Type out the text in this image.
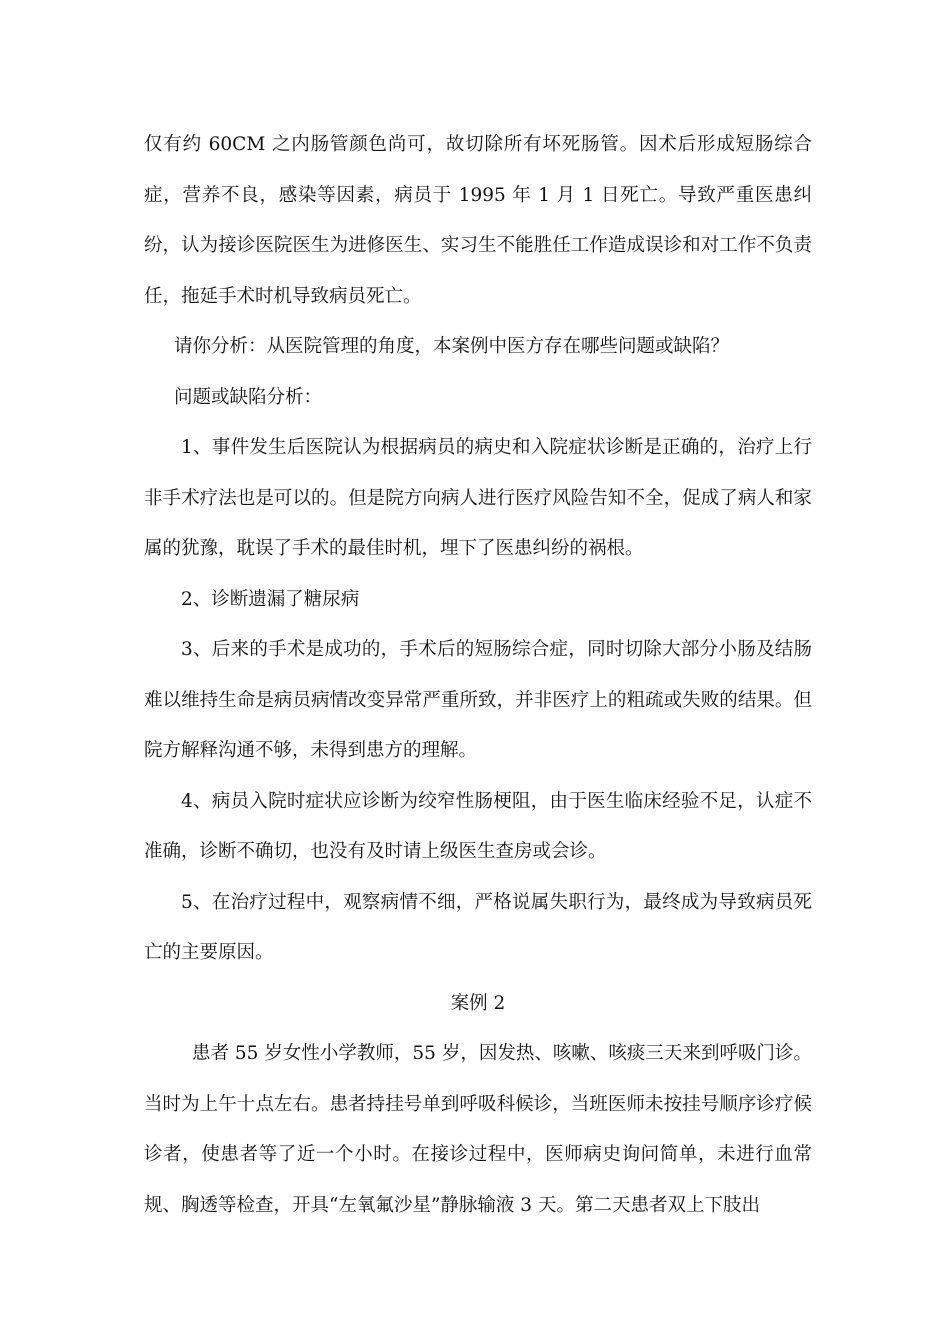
仅有约 60CM 之内肠管颜色尚可，故切除所有坏死肠管。因术后形成短肠综合症，营养不良，感染等因素，病员于 1995 年 1 月 1 日死亡。导致严重医患纠纷，认为接诊医院医生为进修医生、实习生不能胜任工作造成误诊和对工作不负责任，拖延手术时机导致病员死亡。

请你分析：从医院管理的角度，本案例中医方存在哪些问题或缺陷？

问题或缺陷分析：

1、事件发生后医院认为根据病员的病史和入院症状诊断是正确的，治疗上行非手术疗法也是可以的。但是院方向病人进行医疗风险告知不全，促成了病人和家属的犹豫，耽误了手术的最佳时机，埋下了医患纠纷的祸根。

2、诊断遗漏了糖尿病

3、后来的手术是成功的，手术后的短肠综合症，同时切除大部分小肠及结肠难以维持生命是病员病情改变异常严重所致，并非医疗上的粗疏或失败的结果。但院方解释沟通不够，未得到患方的理解。

4、病员入院时症状应诊断为绞窄性肠梗阻，由于医生临床经验不足，认症不准确，诊断不确切，也没有及时请上级医生查房或会诊。

5、在治疗过程中，观察病情不细，严格说属失职行为，最终成为导致病员死亡的主要原因。

案例 2

患者 55 岁女性小学教师，55 岁，因发热、咳嗽、咳痰三天来到呼吸门诊。当时为上午十点左右。患者持挂号单到呼吸科候诊，当班医师未按挂号顺序诊疗候诊者，使患者等了近一个小时。在接诊过程中，医师病史询问简单，未进行血常规、胸透等检查，开具“左氧氟沙星”静脉输液 3 天。第二天患者双上下肢出
